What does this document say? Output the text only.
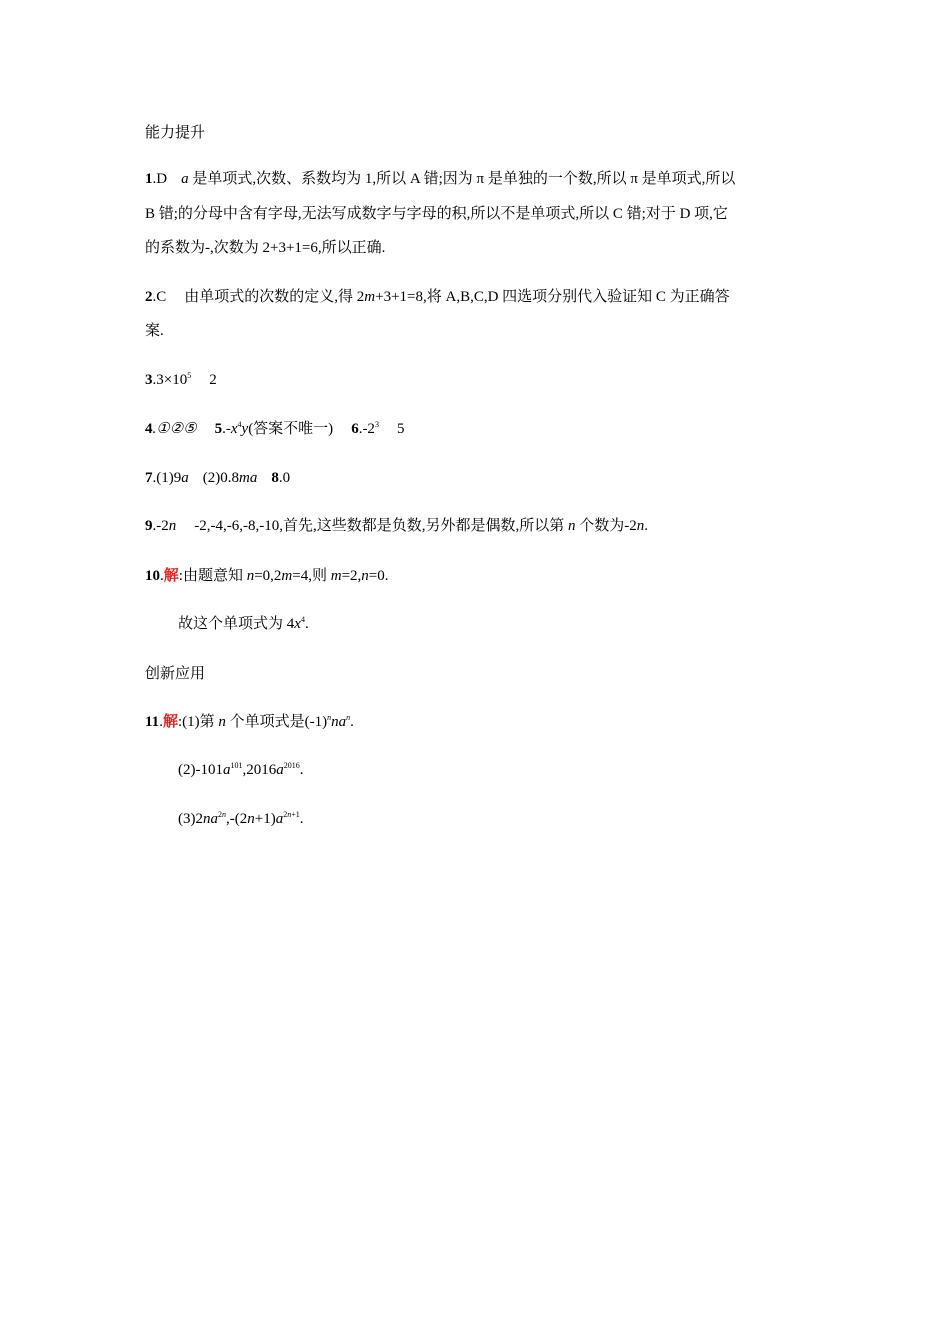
能力提升
1.D a 是单项式,次数、系数均为 1,所以 A 错;因为 π 是单独的一个数,所以 π 是单项式,所以
B 错;的分母中含有字母,无法写成数字与字母的积,所以不是单项式,所以 C 错;对于 D 项,它
的系数为-,次数为 2+3+1=6,所以正确.
2.C 由单项式的次数的定义,得 2m+3+1=8,将 A,B,C,D 四选项分别代入验证知 C 为正确答
案.
$3.3\times 10^5$ 2
4.①②⑤ $5.-x^4y$(答案不唯一) $6.-2^3$ 5
7.(1)9a (2)0.8ma 8.0
9.-2n -2,-4,-6,-8,-10,首先,这些数都是负数,另外都是偶数,所以第 n 个数为-2n.
10.解:由题意知 n=0,2m=4,则 m=2,n=0.
故这个单项式为 $4x^4$.
创新应用
11.解:(1)第 n 个单项式是$(-1)^nna^n$.
$(2)-101a^{101},2016a^{2016}$.
$(3)2na^{2n},-(2n+1)a^{2n+1}$.
